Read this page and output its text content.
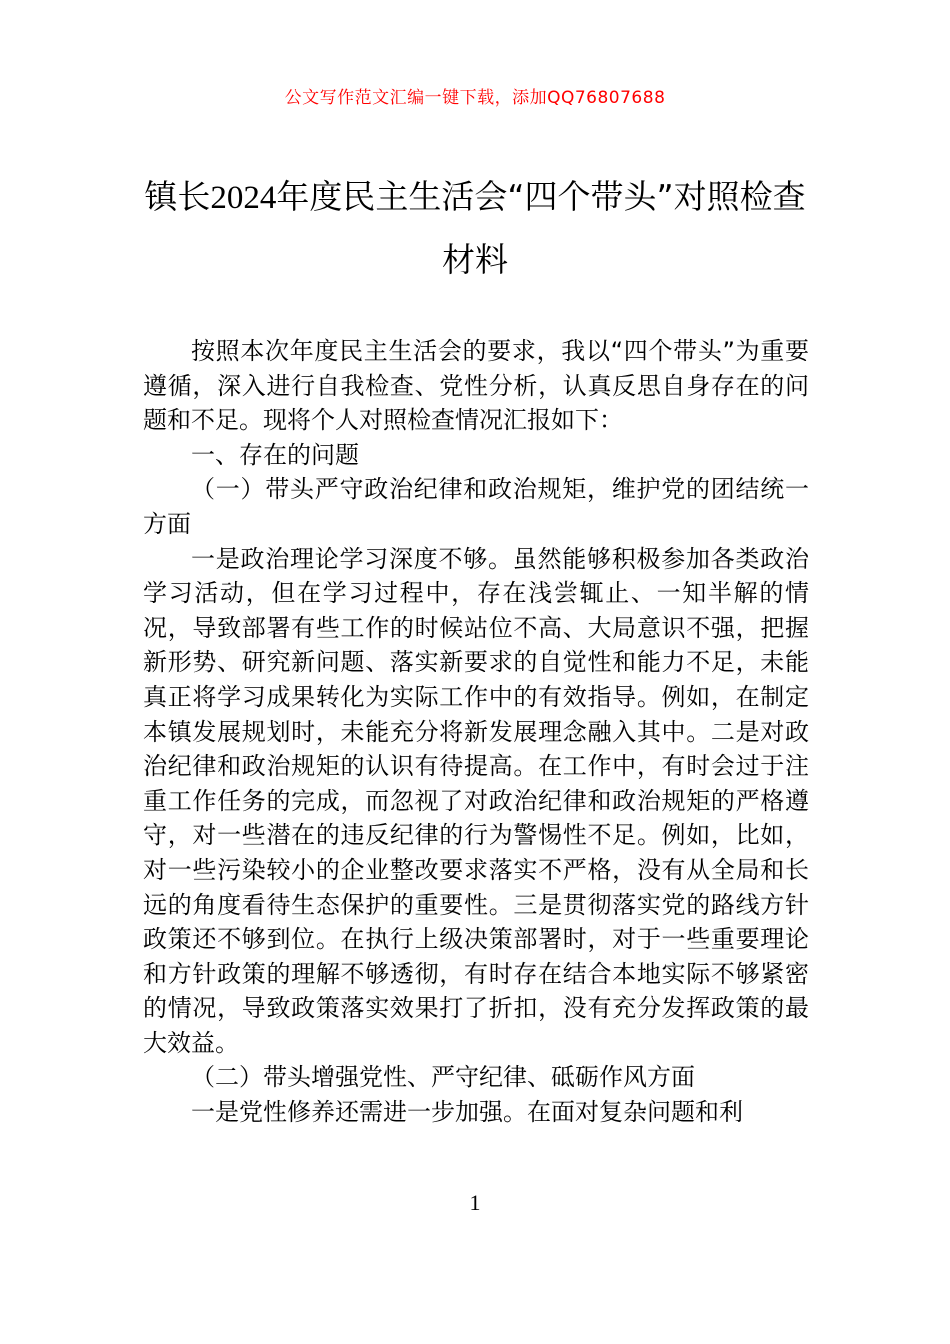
公文写作范文汇编一键下载，添加QQ76807688
镇长2024年度民主生活会“四个带头”对照检查材料

按照本次年度民主生活会的要求，我以“四个带头”为重要遵循，深入进行自我检查、党性分析，认真反思自身存在的问题和不足。现将个人对照检查情况汇报如下：

一、存在的问题

（一）带头严守政治纪律和政治规矩，维护党的团结统一方面

一是政治理论学习深度不够。虽然能够积极参加各类政治学习活动，但在学习过程中，存在浅尝辄止、一知半解的情况，导致部署有些工作的时候站位不高、大局意识不强，把握新形势、研究新问题、落实新要求的自觉性和能力不足，未能真正将学习成果转化为实际工作中的有效指导。例如，在制定本镇发展规划时，未能充分将新发展理念融入其中。二是对政治纪律和政治规矩的认识有待提高。在工作中，有时会过于注重工作任务的完成，而忽视了对政治纪律和政治规矩的严格遵守，对一些潜在的违反纪律的行为警惕性不足。例如，比如，对一些污染较小的企业整改要求落实不严格，没有从全局和长远的角度看待生态保护的重要性。三是贯彻落实党的路线方针政策还不够到位。在执行上级决策部署时，对于一些重要理论和方针政策的理解不够透彻，有时存在结合本地实际不够紧密的情况，导致政策落实效果打了折扣，没有充分发挥政策的最大效益。

（二）带头增强党性、严守纪律、砥砺作风方面

一是党性修养还需进一步加强。在面对复杂问题和利

1
